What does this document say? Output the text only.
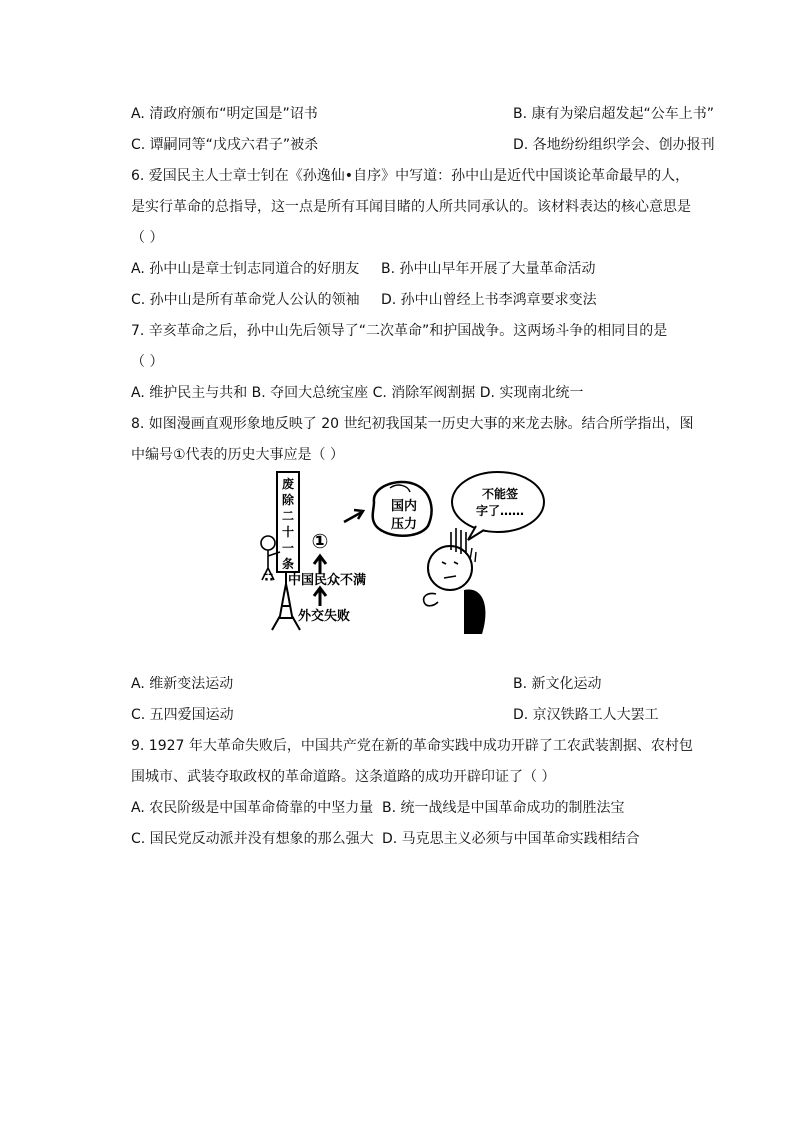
A. 清政府颁布“明定国是”诏书	B. 康有为梁启超发起“公车上书”
C. 谭嗣同等“戊戌六君子”被杀	D. 各地纷纷组织学会、创办报刊
6. 爱国民主人士章士钊在《孙逸仙•自序》中写道：孙中山是近代中国谈论革命最早的人，
是实行革命的总指导，这一点是所有耳闻目睹的人所共同承认的。该材料表达的核心意思是
（ ）
A. 孙中山是章士钊志同道合的好朋友 B. 孙中山早年开展了大量革命活动
C. 孙中山是所有革命党人公认的领袖 D. 孙中山曾经上书李鸿章要求变法
7. 辛亥革命之后，孙中山先后领导了“二次革命”和护国战争。这两场斗争的相同目的是
（ ）
A. 维护民主与共和 B. 夺回大总统宝座 C. 消除军阀割据 D. 实现南北统一
8. 如图漫画直观形象地反映了 20 世纪初我国某一历史大事的来龙去脉。结合所学指出，图
中编号①代表的历史大事应是（ ）
废
除
二
十
一
条
①
·̄·̄ 中国民众不满
外交失败
国内
压力
不能签
字了……
A. 维新变法运动	B. 新文化运动
C. 五四爱国运动	D. 京汉铁路工人大罢工
9. 1927 年大革命失败后，中国共产党在新的革命实践中成功开辟了工农武装割据、农村包
围城市、武装夺取政权的革命道路。这条道路的成功开辟印证了（ ）
A. 农民阶级是中国革命倚靠的中坚力量 B. 统一战线是中国革命成功的制胜法宝
C. 国民党反动派并没有想象的那么强大 D. 马克思主义必须与中国革命实践相结合
